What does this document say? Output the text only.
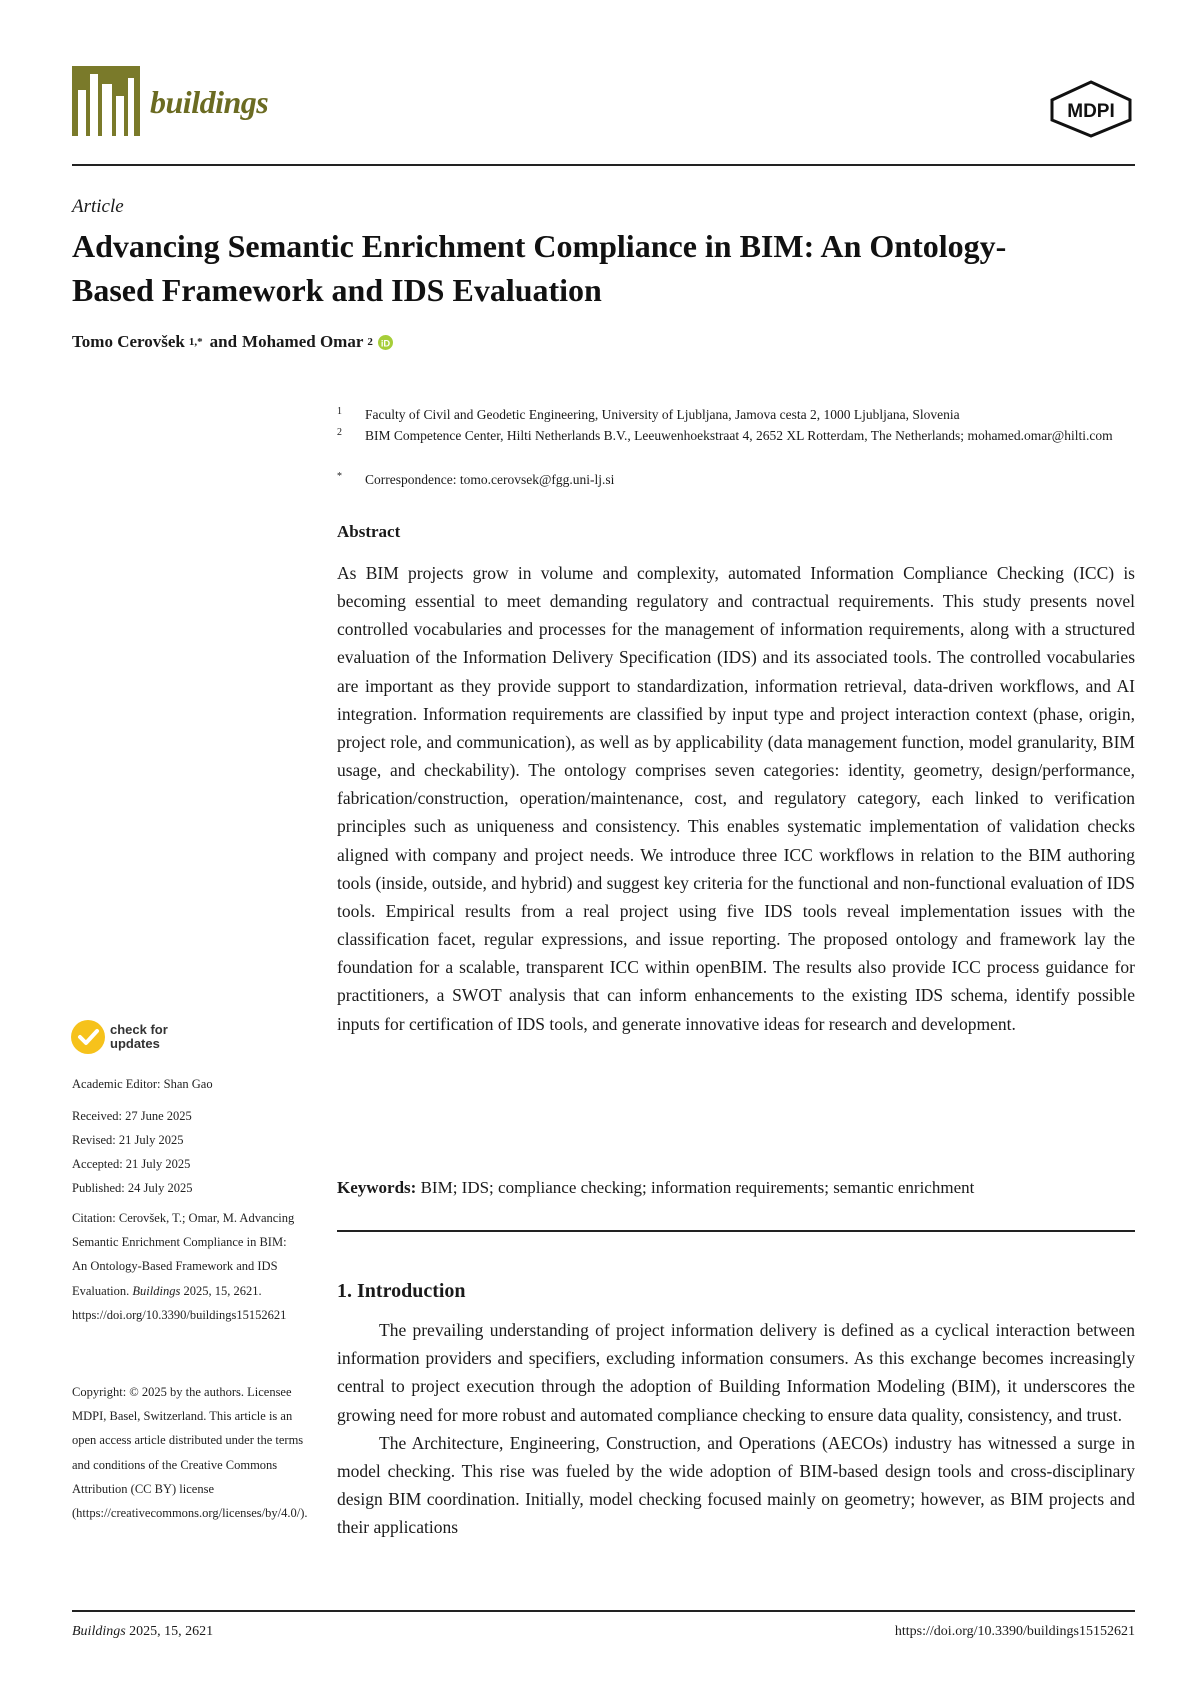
buildings	MDPI
Article
Advancing Semantic Enrichment Compliance in BIM: An Ontology-Based Framework and IDS Evaluation
Tomo Cerovšek 1,* and Mohamed Omar 2 iD
1 Faculty of Civil and Geodetic Engineering, University of Ljubljana, Jamova cesta 2, 1000 Ljubljana, Slovenia
2 BIM Competence Center, Hilti Netherlands B.V., Leeuwenhoekstraat 4, 2652 XL Rotterdam, The Netherlands; mohamed.omar@hilti.com
* Correspondence: tomo.cerovsek@fgg.uni-lj.si
Abstract
As BIM projects grow in volume and complexity, automated Information Compliance Checking (ICC) is becoming essential to meet demanding regulatory and contractual requirements. This study presents novel controlled vocabularies and processes for the management of information requirements, along with a structured evaluation of the Information Delivery Specification (IDS) and its associated tools. The controlled vocabularies are important as they provide support to standardization, information retrieval, data-driven workflows, and AI integration. Information requirements are classified by input type and project interaction context (phase, origin, project role, and communication), as well as by applicability (data management function, model granularity, BIM usage, and checkability). The ontology comprises seven categories: identity, geometry, design/performance, fabrication/construction, operation/maintenance, cost, and regulatory category, each linked to verification principles such as uniqueness and consistency. This enables systematic implementation of validation checks aligned with company and project needs. We introduce three ICC workflows in relation to the BIM authoring tools (inside, outside, and hybrid) and suggest key criteria for the functional and non-functional evaluation of IDS tools. Empirical results from a real project using five IDS tools reveal implementation issues with the classification facet, regular expressions, and issue reporting. The proposed ontology and framework lay the foundation for a scalable, transparent ICC within openBIM. The results also provide ICC process guidance for practitioners, a SWOT analysis that can inform enhancements to the existing IDS schema, identify possible inputs for certification of IDS tools, and generate innovative ideas for research and development.
Keywords: BIM; IDS; compliance checking; information requirements; semantic enrichment
1. Introduction

The prevailing understanding of project information delivery is defined as a cyclical interaction between information providers and specifiers, excluding information consumers. As this exchange becomes increasingly central to project execution through the adoption of Building Information Modeling (BIM), it underscores the growing need for more robust and automated compliance checking to ensure data quality, consistency, and trust.

The Architecture, Engineering, Construction, and Operations (AECOs) industry has witnessed a surge in model checking. This rise was fueled by the wide adoption of BIM-based design tools and cross-disciplinary design BIM coordination. Initially, model checking focused mainly on geometry; however, as BIM projects and their applications

check for
updates
Academic Editor: Shan Gao
Received: 27 June 2025
Revised: 21 July 2025
Accepted: 21 July 2025
Published: 24 July 2025
Citation: Cerovšek, T.; Omar, M. Advancing Semantic Enrichment Compliance in BIM: An Ontology-Based Framework and IDS Evaluation. Buildings 2025, 15, 2621. https://doi.org/10.3390/buildings15152621
Copyright: © 2025 by the authors. Licensee MDPI, Basel, Switzerland. This article is an open access article distributed under the terms and conditions of the Creative Commons Attribution (CC BY) license (https://creativecommons.org/licenses/by/4.0/).
Buildings 2025, 15, 2621	https://doi.org/10.3390/buildings15152621
